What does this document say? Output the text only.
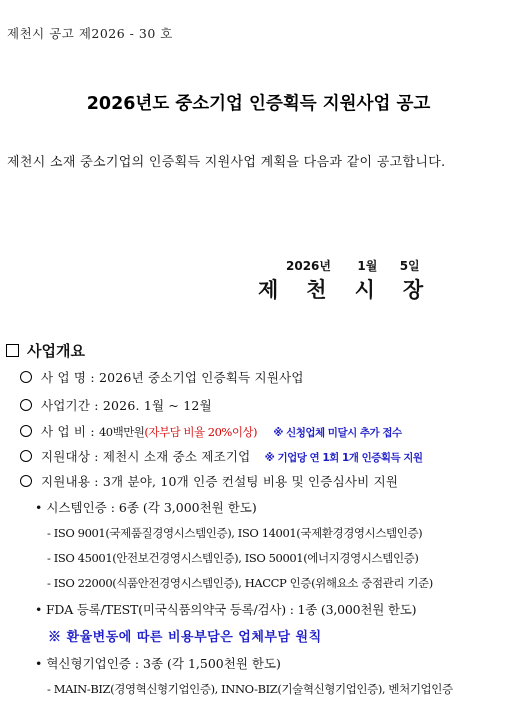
제천시 공고 제2026 - 30 호
2026년도 중소기업 인증획득 지원사업 공고
제천시 소재 중소기업의 인증획득 지원사업 계획을 다음과 같이 공고합니다.
2026년 1월 5일
제천시장
사업개요
사 업 명 : 2026년 중소기업 인증획득 지원사업
사업기간 : 2026. 1월 ~ 12월
사 업 비 : 40백만원(자부담 비율 20%이상) ※ 신청업체 미달시 추가 접수
지원대상 : 제천시 소재 중소 제조기업 ※ 기업당 연 1회 1개 인증획득 지원
지원내용 : 3개 분야, 10개 인증 컨설팅 비용 및 인증심사비 지원
• 시스템인증 : 6종 (각 3,000천원 한도)
- ISO 9001(국제품질경영시스템인증), ISO 14001(국제환경경영시스템인증)
- ISO 45001(안전보건경영시스템인증), ISO 50001(에너지경영시스템인증)
- ISO 22000(식품안전경영시스템인증), HACCP 인증(위해요소 중점관리 기준)
• FDA 등록/TEST(미국식품의약국 등록/검사) : 1종 (3,000천원 한도)
※ 환율변동에 따른 비용부담은 업체부담 원칙
• 혁신형기업인증 : 3종 (각 1,500천원 한도)
- MAIN-BIZ(경영혁신형기업인증), INNO-BIZ(기술혁신형기업인증), 벤처기업인증
